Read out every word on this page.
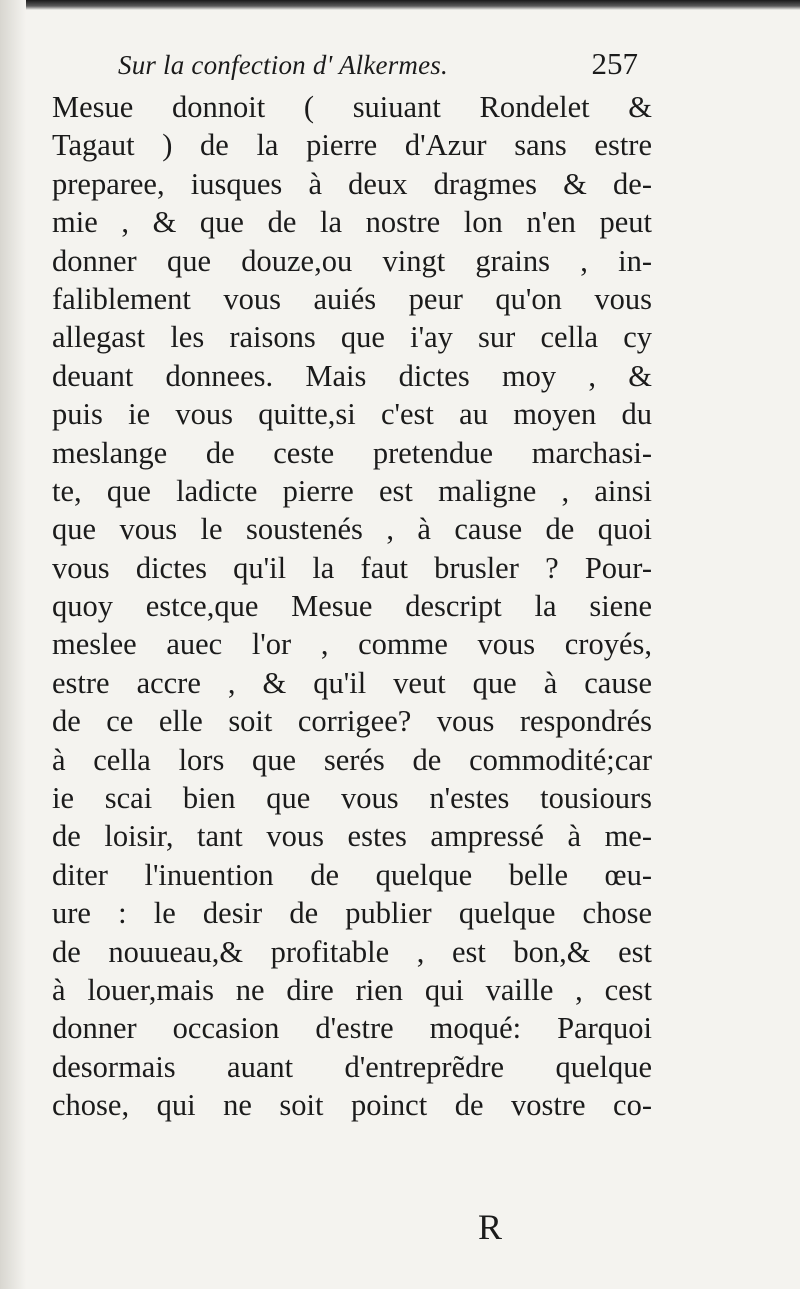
Sur la confection d' Alkermes.	257
Mesue donnoit ( suiuant Rondelet &
Tagaut ) de la pierre d'Azur sans estre
preparee, iusques à deux dragmes & de-
mie , & que de la nostre lon n'en peut
donner que douze,ou vingt grains , in-
faliblement vous auiés peur qu'on vous
allegast les raisons que i'ay sur cella cy
deuant donnees. Mais dictes moy , &
puis ie vous quitte,si c'est au moyen du
meslange de ceste pretendue marchasi-
te, que ladicte pierre est maligne , ainsi
que vous le soustenés , à cause de quoi
vous dictes qu'il la faut brusler ? Pour-
quoy estce,que Mesue descript la siene
meslee auec l'or , comme vous croyés,
estre accre , & qu'il veut que à cause
de ce elle soit corrigee? vous respondrés
à cella lors que serés de commodité;car
ie scai bien que vous n'estes tousiours
de loisir, tant vous estes ampressé à me-
diter l'inuention de quelque belle œu-
ure : le desir de publier quelque chose
de nouueau,& profitable , est bon,& est
à louer,mais ne dire rien qui vaille , cest
donner occasion d'estre moqué: Parquoi
desormais auant d'entreprẽdre quelque
chose, qui ne soit poinct de vostre co-
R
